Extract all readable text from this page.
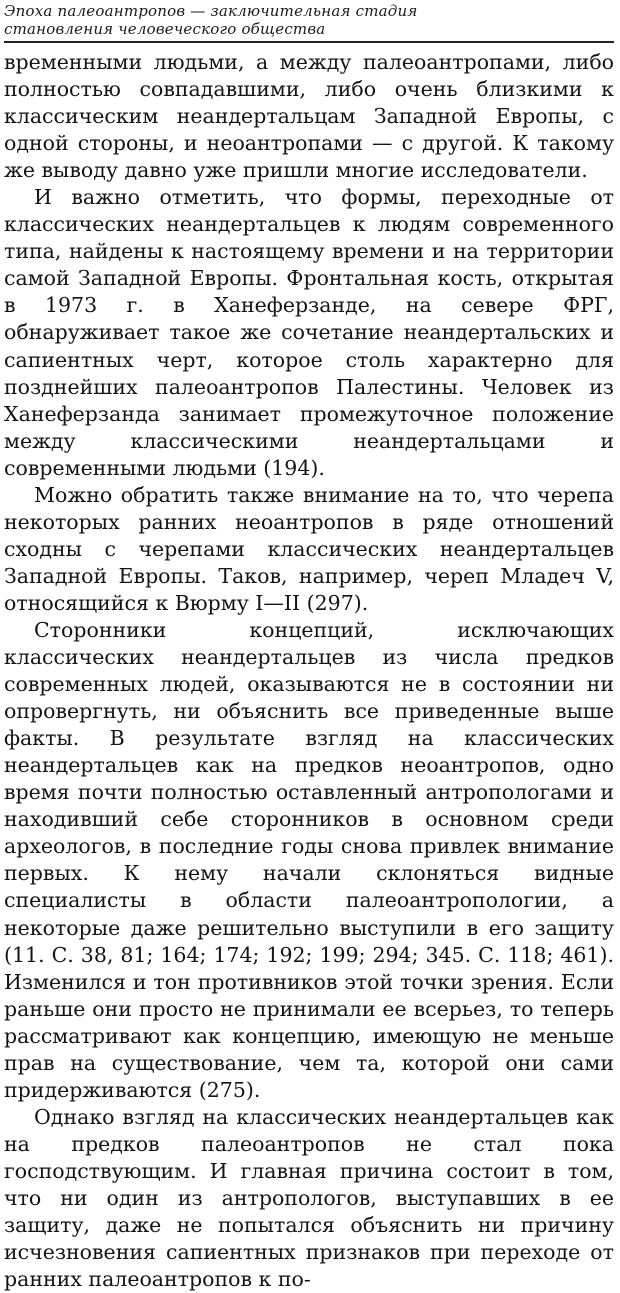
Эпоха палеоантропов — заключительная стадия
становления человеческого общества

временными людьми, а между палеоантропами, либо полностью совпадавшими, либо очень близкими к классическим неандертальцам Западной Европы, с одной стороны, и неоантропами — с другой. К такому же выводу давно уже пришли многие исследователи.

И важно отметить, что формы, переходные от классических неандертальцев к людям современного типа, найдены к настоящему времени и на территории самой Западной Европы. Фронтальная кость, открытая в 1973 г. в Ханеферзанде, на севере ФРГ, обнаруживает такое же сочетание неандертальских и сапиентных черт, которое столь характерно для позднейших палеоантропов Палестины. Человек из Ханеферзанда занимает промежуточное положение между классическими неандертальцами и современными людьми (194).

Можно обратить также внимание на то, что черепа некоторых ранних неоантропов в ряде отношений сходны с черепами классических неандертальцев Западной Европы. Таков, например, череп Младеч V, относящийся к Вюрму I—II (297).

Сторонники концепций, исключающих классических неандертальцев из числа предков современных людей, оказываются не в состоянии ни опровергнуть, ни объяснить все приведенные выше факты. В результате взгляд на классических неандертальцев как на предков неоантропов, одно время почти полностью оставленный антропологами и находивший себе сторонников в основном среди археологов, в последние годы снова привлек внимание первых. К нему начали склоняться видные специалисты в области палеоантропологии, а некоторые даже решительно выступили в его защиту (11. С. 38, 81; 164; 174; 192; 199; 294; 345. С. 118; 461). Изменился и тон противников этой точки зрения. Если раньше они просто не принимали ее всерьез, то теперь рассматривают как концепцию, имеющую не меньше прав на существование, чем та, которой они сами придерживаются (275).

Однако взгляд на классических неандертальцев как на предков палеоантропов не стал пока господствующим. И главная причина состоит в том, что ни один из антропологов, выступавших в ее защиту, даже не попытался объяснить ни причину исчезновения сапиентных признаков при переходе от ранних палеоантропов к по-
